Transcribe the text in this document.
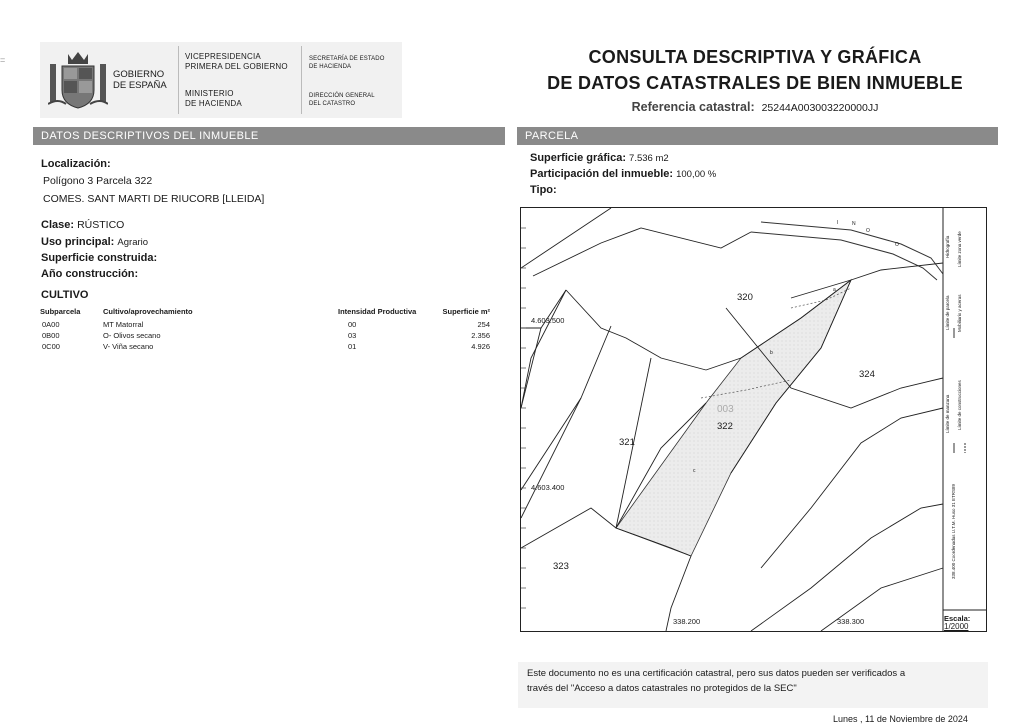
=
GOBIERNO
DE ESPAÑA
VICEPRESIDENCIA
PRIMERA DEL GOBIERNO
MINISTERIO
DE HACIENDA
SECRETARÍA DE ESTADO
DE HACIENDA
DIRECCIÓN GENERAL
DEL CATASTRO
CONSULTA DESCRIPTIVA Y GRÁFICA
DE DATOS CATASTRALES DE BIEN INMUEBLE
Referencia catastral: 25244A003003220000JJ
DATOS DESCRIPTIVOS DEL INMUEBLE
Localización:
Polígono 3 Parcela 322
COMES. SANT MARTI DE RIUCORB [LLEIDA]
Clase: RÚSTICO
Uso principal: Agrario
Superficie construida:
Año construcción:
CULTIVO
Subparcela	Cultivo/aprovechamiento	Intensidad Productiva	Superficie m²
0A00	MT Matorral	00	254
0B00	O- Olivos secano	03	2.356
0C00	V- Viña secano	01	4.926
PARCELA
Superficie gráfica: 7.536 m2
Participación del inmueble: 100,00 %
Tipo:
320
324
003
322
321
323
a
b
c
I	N
O
O
4.603.500
4.603.400
338.200	338.300
Hidrografía Límite zona verde
Límite de parcela Mobiliario y aceras
Límite de manzana Límite de construcciones
338.400 Coordenadas U.T.M. Huso 31 ETRS89
Escala:
1/2000
Este documento no es una certificación catastral, pero sus datos pueden ser verificados a
través del "Acceso a datos catastrales no protegidos de la SEC"
Lunes , 11 de Noviembre de 2024
